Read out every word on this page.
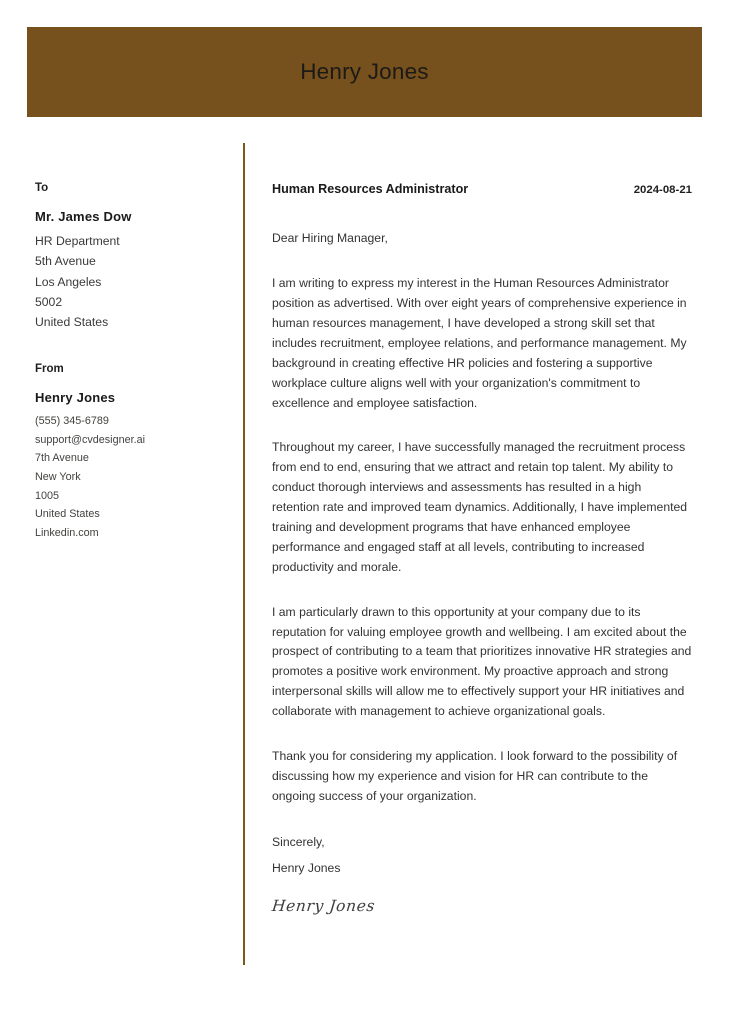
Henry Jones
To
Mr. James Dow
HR Department
5th Avenue
Los Angeles
5002
United States
From
Henry Jones
(555) 345-6789
support@cvdesigner.ai
7th Avenue
New York
1005
United States
Linkedin.com
Human Resources Administrator	2024-08-21

Dear Hiring Manager,

I am writing to express my interest in the Human Resources Administrator position as advertised. With over eight years of comprehensive experience in human resources management, I have developed a strong skill set that includes recruitment, employee relations, and performance management. My background in creating effective HR policies and fostering a supportive workplace culture aligns well with your organization's commitment to excellence and employee satisfaction.

Throughout my career, I have successfully managed the recruitment process from end to end, ensuring that we attract and retain top talent. My ability to conduct thorough interviews and assessments has resulted in a high retention rate and improved team dynamics. Additionally, I have implemented training and development programs that have enhanced employee performance and engaged staff at all levels, contributing to increased productivity and morale.

I am particularly drawn to this opportunity at your company due to its reputation for valuing employee growth and wellbeing. I am excited about the prospect of contributing to a team that prioritizes innovative HR strategies and promotes a positive work environment. My proactive approach and strong interpersonal skills will allow me to effectively support your HR initiatives and collaborate with management to achieve organizational goals.

Thank you for considering my application. I look forward to the possibility of discussing how my experience and vision for HR can contribute to the ongoing success of your organization.

Sincerely,
Henry Jones
Henry Jones
